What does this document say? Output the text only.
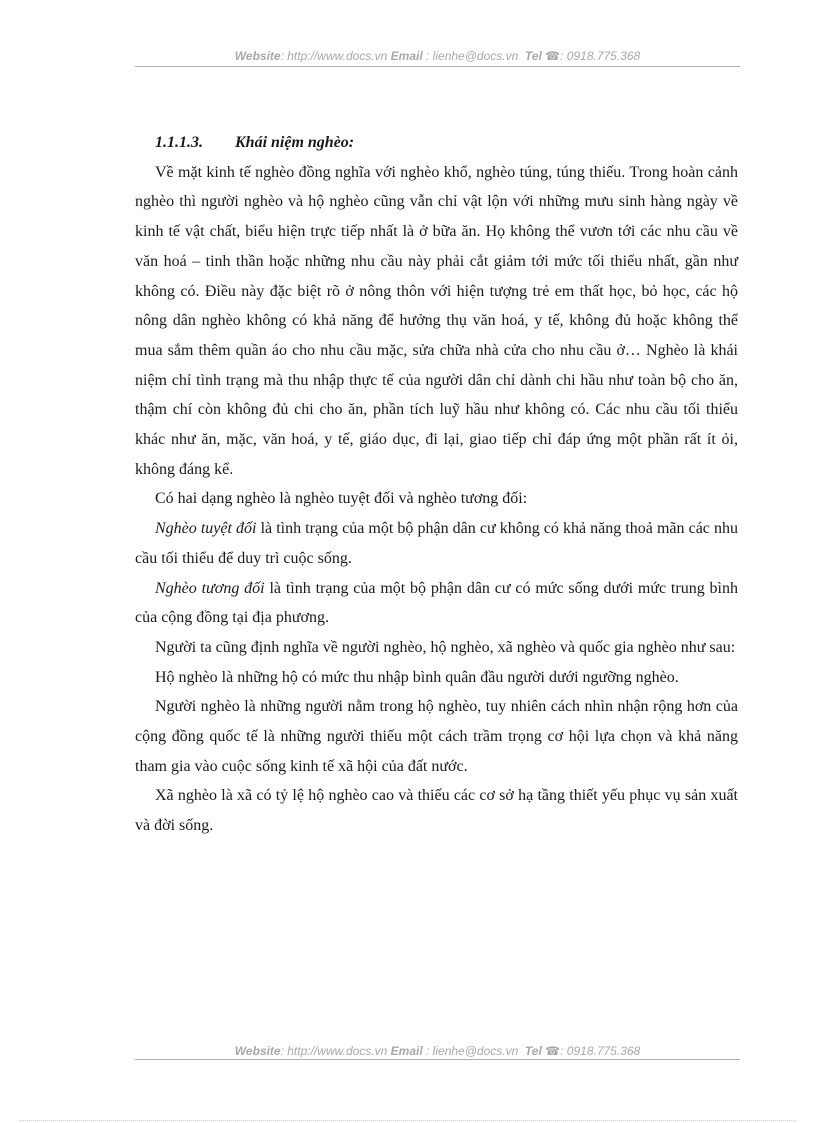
Website: http://www.docs.vn Email : lienhe@docs.vn Tel ☎: 0918.775.368
1.1.1.3. Khái niệm nghèo:

Về mặt kinh tế nghèo đồng nghĩa với nghèo khổ, nghèo túng, túng thiếu. Trong hoàn cảnh nghèo thì người nghèo và hộ nghèo cũng vẫn chỉ vật lộn với những mưu sinh hàng ngày về kinh tế vật chất, biểu hiện trực tiếp nhất là ở bữa ăn. Họ không thể vươn tới các nhu cầu về văn hoá – tinh thần hoặc những nhu cầu này phải cắt giảm tới mức tối thiểu nhất, gần như không có. Điều này đặc biệt rõ ở nông thôn với hiện tượng trẻ em thất học, bỏ học, các hộ nông dân nghèo không có khả năng để hưởng thụ văn hoá, y tế, không đủ hoặc không thể mua sắm thêm quần áo cho nhu cầu mặc, sửa chữa nhà cửa cho nhu cầu ở… Nghèo là khái niệm chỉ tình trạng mà thu nhập thực tế của người dân chỉ dành chi hầu như toàn bộ cho ăn, thậm chí còn không đủ chi cho ăn, phần tích luỹ hầu như không có. Các nhu cầu tối thiểu khác như ăn, mặc, văn hoá, y tế, giáo dục, đi lại, giao tiếp chỉ đáp ứng một phần rất ít ỏi, không đáng kể.

Có hai dạng nghèo là nghèo tuyệt đối và nghèo tương đối:

Nghèo tuyệt đối là tình trạng của một bộ phận dân cư không có khả năng thoả mãn các nhu cầu tối thiểu để duy trì cuộc sống.

Nghèo tương đối là tình trạng của một bộ phận dân cư có mức sống dưới mức trung bình của cộng đồng tại địa phương.

Người ta cũng định nghĩa về người nghèo, hộ nghèo, xã nghèo và quốc gia nghèo như sau:

Hộ nghèo là những hộ có mức thu nhập bình quân đầu người dưới ngưỡng nghèo.

Người nghèo là những người nằm trong hộ nghèo, tuy nhiên cách nhìn nhận rộng hơn của cộng đồng quốc tế là những người thiếu một cách trầm trọng cơ hội lựa chọn và khả năng tham gia vào cuộc sống kinh tế xã hội của đất nước.

Xã nghèo là xã có tỷ lệ hộ nghèo cao và thiếu các cơ sở hạ tầng thiết yếu phục vụ sản xuất và đời sống.

Website: http://www.docs.vn Email : lienhe@docs.vn Tel ☎: 0918.775.368
